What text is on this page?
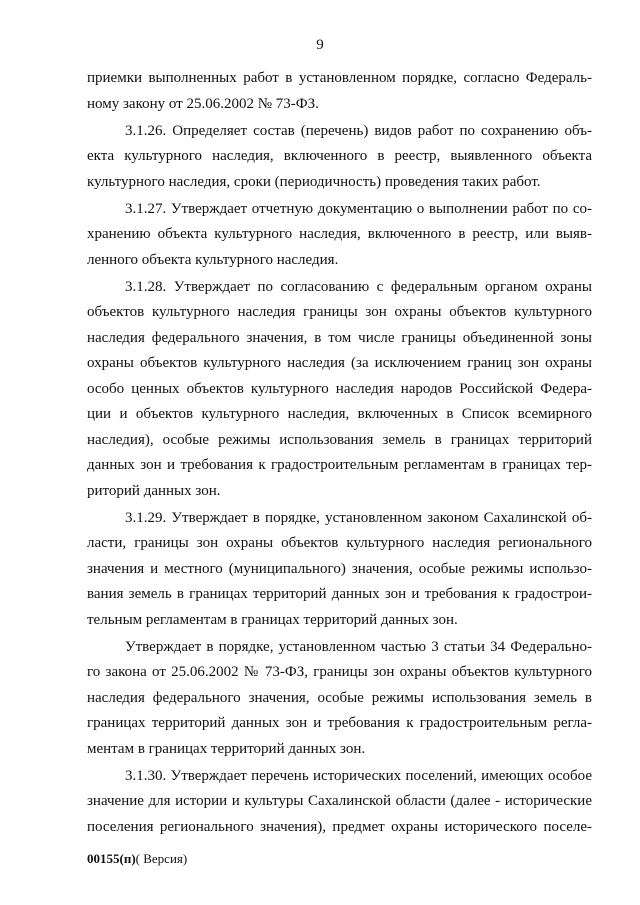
9
приемки выполненных работ в установленном порядке, согласно Федераль-
ному закону от 25.06.2002 № 73-ФЗ.
3.1.26. Определяет состав (перечень) видов работ по сохранению объ-
екта культурного наследия, включенного в реестр, выявленного объекта
культурного наследия, сроки (периодичность) проведения таких работ.
3.1.27. Утверждает отчетную документацию о выполнении работ по со-
хранению объекта культурного наследия, включенного в реестр, или выяв-
ленного объекта культурного наследия.
3.1.28. Утверждает по согласованию с федеральным органом охраны
объектов культурного наследия границы зон охраны объектов культурного
наследия федерального значения, в том числе границы объединенной зоны
охраны объектов культурного наследия (за исключением границ зон охраны
особо ценных объектов культурного наследия народов Российской Федера-
ции и объектов культурного наследия, включенных в Список всемирного
наследия), особые режимы использования земель в границах территорий
данных зон и требования к градостроительным регламентам в границах тер-
риторий данных зон.
3.1.29. Утверждает в порядке, установленном законом Сахалинской об-
ласти, границы зон охраны объектов культурного наследия регионального
значения и местного (муниципального) значения, особые режимы использо-
вания земель в границах территорий данных зон и требования к градострои-
тельным регламентам в границах территорий данных зон.
Утверждает в порядке, установленном частью 3 статьи 34 Федерально-
го закона от 25.06.2002 № 73-ФЗ, границы зон охраны объектов культурного
наследия федерального значения, особые режимы использования земель в
границах территорий данных зон и требования к градостроительным регла-
ментам в границах территорий данных зон.
3.1.30. Утверждает перечень исторических поселений, имеющих особое
значение для истории и культуры Сахалинской области (далее - исторические
поселения регионального значения), предмет охраны исторического поселе-
00155(п)( Версия)
